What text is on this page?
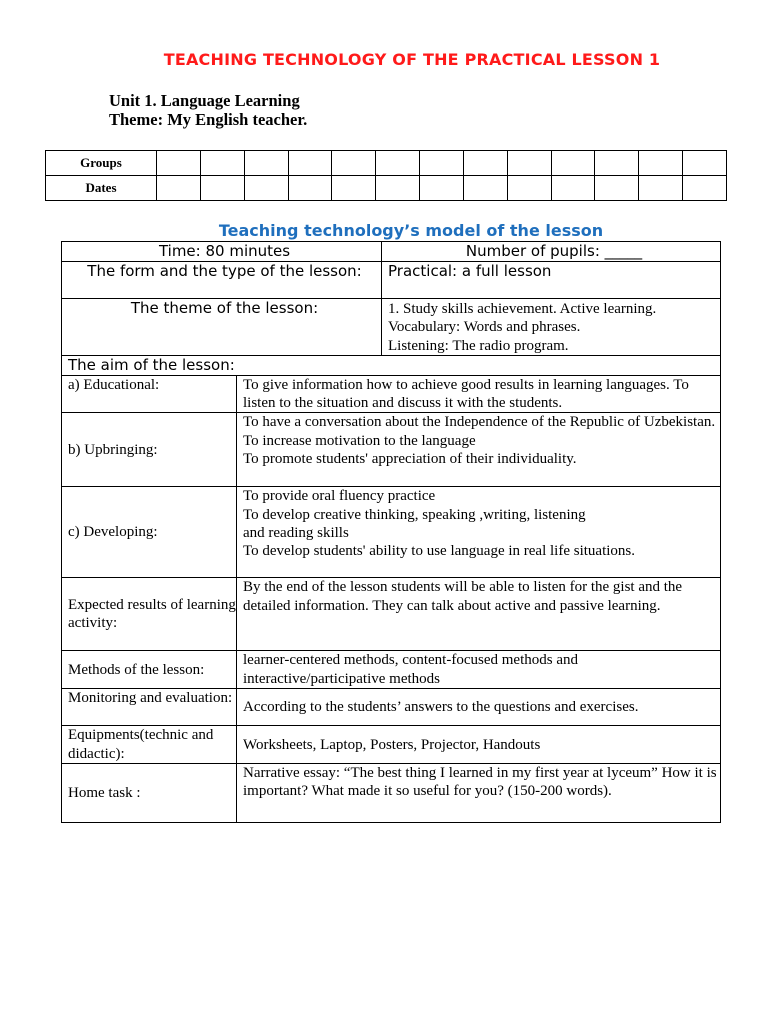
TEACHING TECHNOLOGY OF THE PRACTICAL LESSON 1
Unit 1. Language Learning
Theme: My English teacher.
Groups													
Dates													
Teaching technology’s model of the lesson
Time: 80 minutes		Number of pupils: _____
The form and the type of the lesson:		Practical: a full lesson
The theme of the lesson:		1. Study skills achievement. Active learning.
Vocabulary: Words and phrases.
Listening: The radio program.

The aim of the lesson:		
a) Educational:	To give information how to achieve good results in learning languages. To listen to the situation and discuss it with the students.	
b) Upbringing:	To have a conversation about the Independence of the Republic of Uzbekistan.
To increase motivation to the language
To promote students' appreciation of their individuality.	

c) Developing:	To provide oral fluency practice
To develop creative thinking, speaking ,writing, listening
and reading skills
To develop students' ability to use language in real life situations.	

Expected results of learning activity:	By the end of the lesson students will be able to listen for the gist and the detailed information. They can talk about active and passive learning.	
Methods of the lesson:	learner-centered methods, content-focused methods and interactive/participative methods	
Monitoring and evaluation:	According to the students’ answers to the questions and exercises.	
Equipments(technic and didactic):	Worksheets, Laptop, Posters, Projector, Handouts	
Home task :	Narrative essay: “The best thing I learned in my first year at lyceum” How it is important? What made it so useful for you? (150-200 words).	
